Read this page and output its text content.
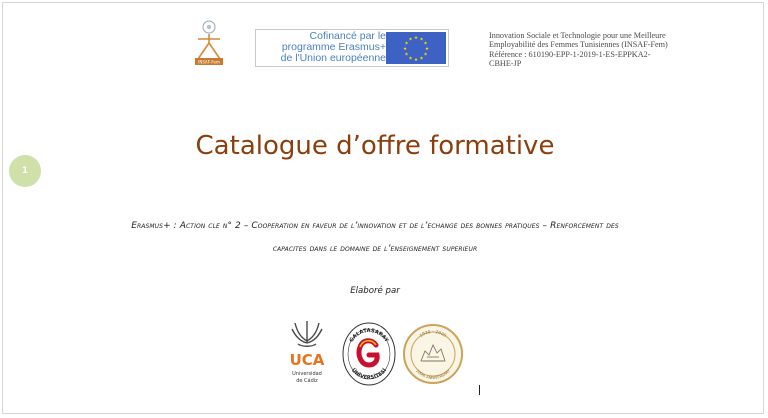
INSAF-Fem
Cofinancé par le
programme Erasmus+
de l'Union européenne
★ ★
★
★
★
★
★
★
★
★
★
★	Innovation Sociale et Technologie pour une Meilleure
Employabilité des Femmes Tunisiennes (INSAF-Fem)
Référence : 610190-EPP-1-2019-1-ES-EPPKA2-
CBHE-JP
1
Catalogue d’offre formative
Erasmus+ : Action cle n° 2 – Cooperation en faveur de l’innovation et de l’echange des bonnes pratiques – Renforcement des
capacites dans le domaine de l’enseignement superieur
Elaboré par
UCA
Universidad
de Cádiz
GALATASARAY
ÜNİVERSİTESİ
1920 – 2020
100th ANNIVERSARY
